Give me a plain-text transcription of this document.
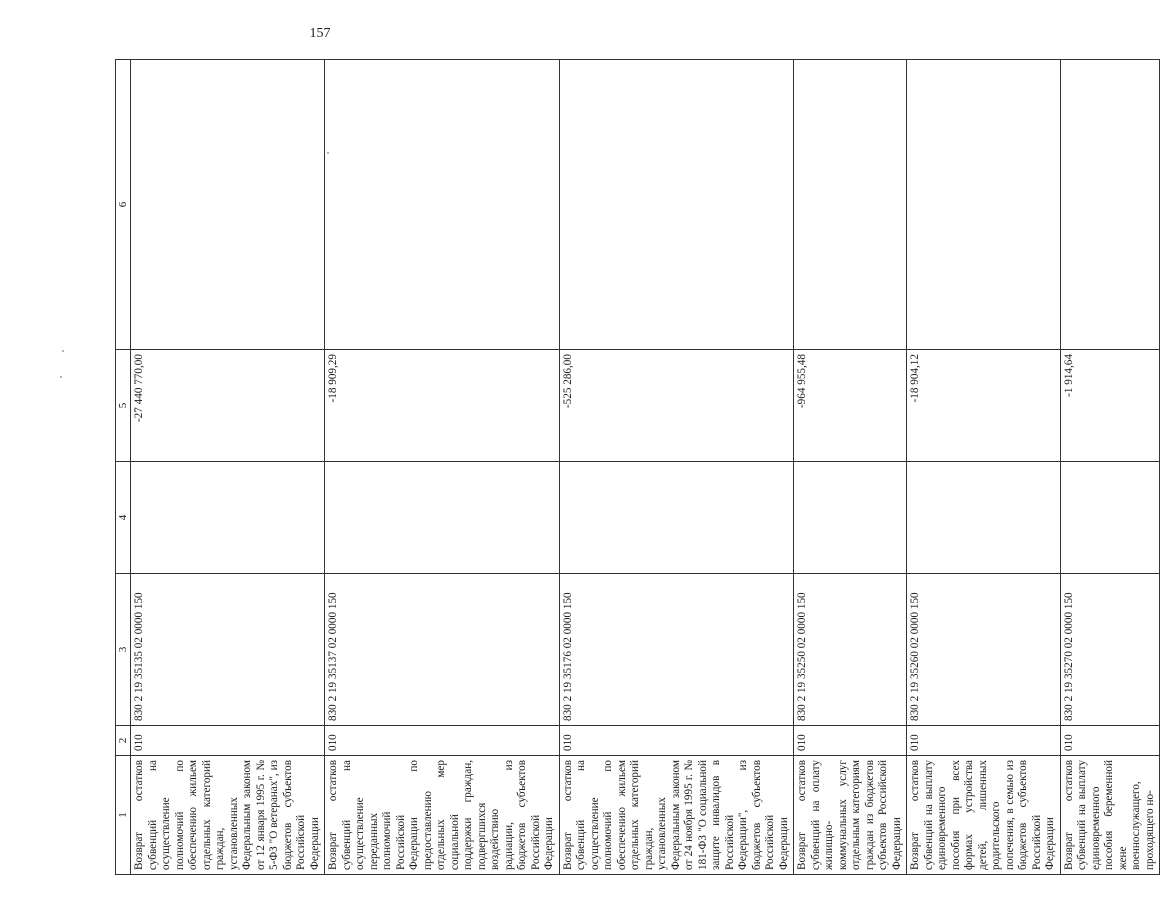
157
1	2	3	4	5	6
Возврат остатков субвенций на осуществление полномочий по обеспечению жильем отдельных категорий граждан, установленных Федеральным законом от 12 января 1995 г. № 5-ФЗ "О ветеранах", из бюджетов субъектов Российской Федерации	010	830 2 19 35135 02 0000 150		-27 440 770,00	
Возврат остатков субвенций на осуществление переданных полномочий Российской Федерации по предоставлению отдельных мер социальной поддержки граждан, подвергшихся воздействию радиации, из бюджетов субъектов Российской Федерации	010	830 2 19 35137 02 0000 150		-18 909,29	
Возврат остатков субвенций на осуществление полномочий по обеспечению жильем отдельных категорий граждан, установленных Федеральным законом от 24 ноября 1995 г. № 181-ФЗ "О социальной защите инвалидов в Российской Федерации", из бюджетов субъектов Российской Федерации	010	830 2 19 35176 02 0000 150		-525 286,00	
Возврат остатков субвенций на оплату жилищно-коммунальных услуг отдельным категориям граждан из бюджетов субъектов Российской Федерации	010	830 2 19 35250 02 0000 150		-964 955,48	
Возврат остатков субвенций на выплату единовременного пособия при всех формах устройства детей, лишенных родительского попечения, в семью из бюджетов субъектов Российской Федерации	010	830 2 19 35260 02 0000 150		-18 904,12	
Возврат остатков субвенций на выплату единовременного пособия беременной жене военнослужащего, проходящего но-	010	830 2 19 35270 02 0000 150		-1 914,64	
